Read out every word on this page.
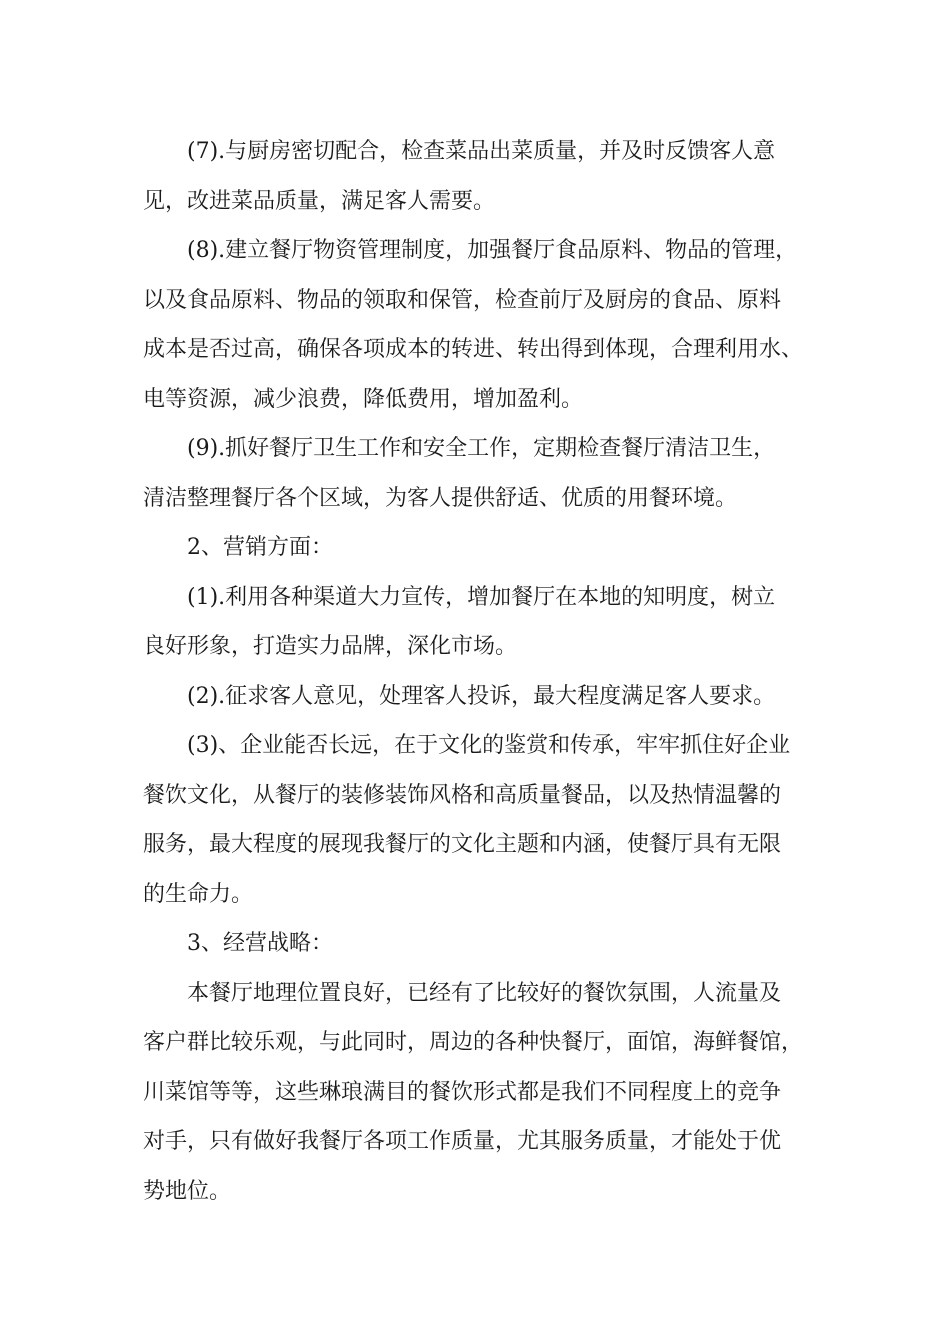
(7).与厨房密切配合，检查菜品出菜质量，并及时反馈客人意
见，改进菜品质量，满足客人需要。
(8).建立餐厅物资管理制度，加强餐厅食品原料、物品的管理，
以及食品原料、物品的领取和保管，检查前厅及厨房的食品、原料
成本是否过高，确保各项成本的转进、转出得到体现，合理利用水、
电等资源，减少浪费，降低费用，增加盈利。
(9).抓好餐厅卫生工作和安全工作，定期检查餐厅清洁卫生，
清洁整理餐厅各个区域，为客人提供舒适、优质的用餐环境。
2、营销方面：
(1).利用各种渠道大力宣传，增加餐厅在本地的知明度，树立
良好形象，打造实力品牌，深化市场。
(2).征求客人意见，处理客人投诉，最大程度满足客人要求。
(3)、企业能否长远，在于文化的鉴赏和传承，牢牢抓住好企业
餐饮文化，从餐厅的装修装饰风格和高质量餐品，以及热情温馨的
服务，最大程度的展现我餐厅的文化主题和内涵，使餐厅具有无限
的生命力。
3、经营战略：
本餐厅地理位置良好，已经有了比较好的餐饮氛围，人流量及
客户群比较乐观，与此同时，周边的各种快餐厅，面馆，海鲜餐馆，
川菜馆等等，这些琳琅满目的餐饮形式都是我们不同程度上的竞争
对手，只有做好我餐厅各项工作质量，尤其服务质量，才能处于优
势地位。
